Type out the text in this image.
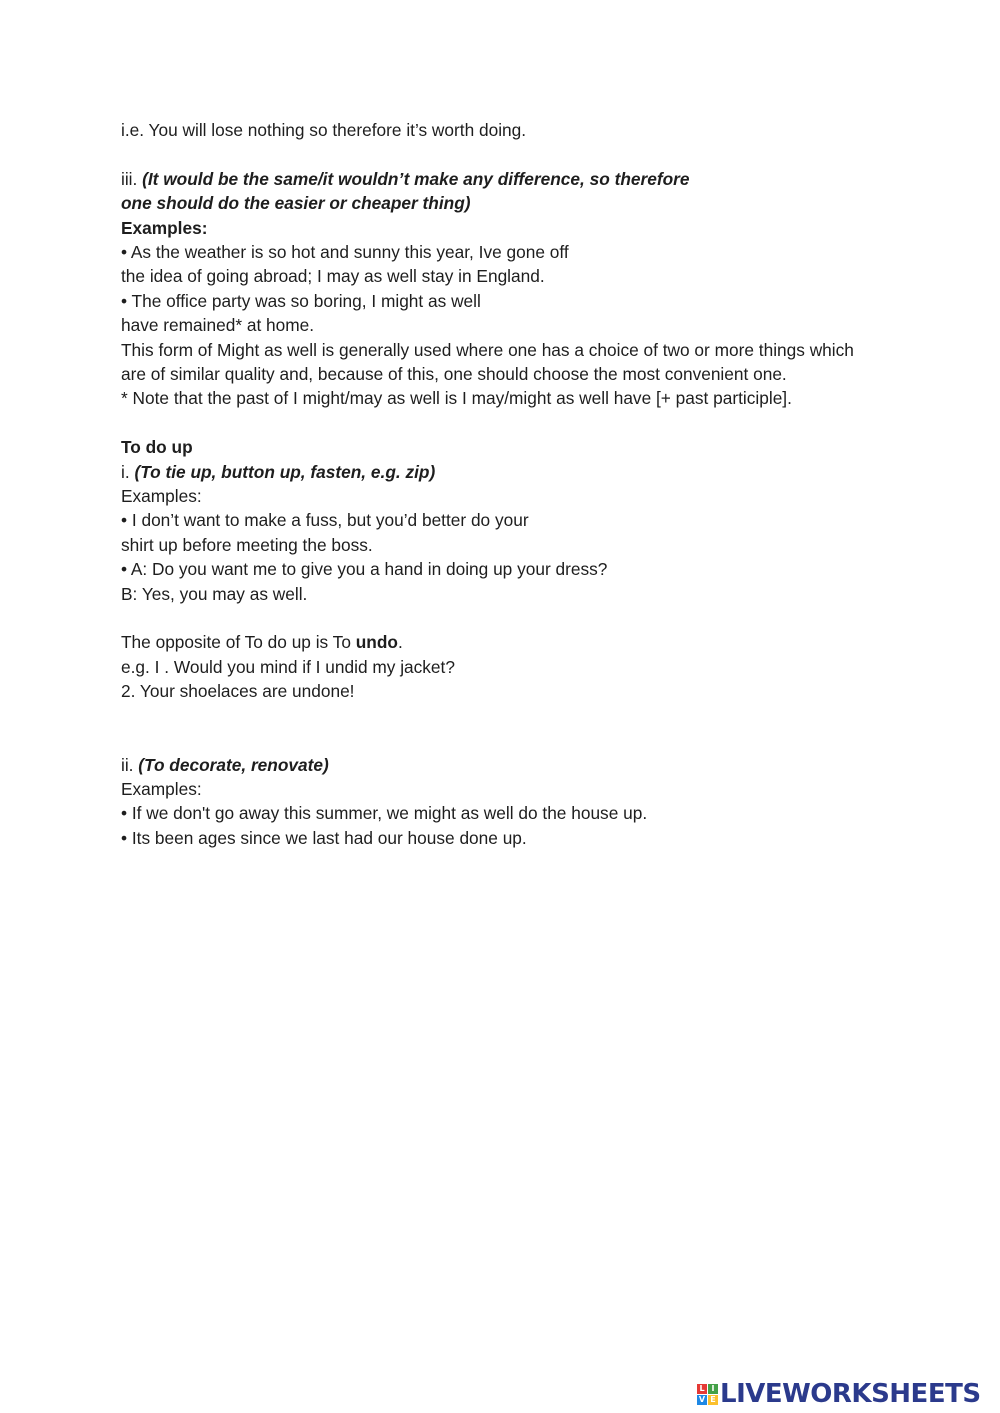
i.e. You will lose nothing so therefore it’s worth doing.
iii. (It would be the same/it wouldn’t make any difference, so therefore
one should do the easier or cheaper thing)
Examples:
• As the weather is so hot and sunny this year, Ive gone off
the idea of going abroad; I may as well stay in England.
• The office party was so boring, I might as well
have remained* at home.
This form of Might as well is generally used where one has a choice of two or more things which are of similar quality and, because of this, one should choose the most convenient one.
* Note that the past of I might/may as well is I may/might as well have [+ past participle].
To do up
i. (To tie up, button up, fasten, e.g. zip)
Examples:
• I don’t want to make a fuss, but you’d better do your
shirt up before meeting the boss.
• A: Do you want me to give you a hand in doing up your dress?
B: Yes, you may as well.
The opposite of To do up is To undo.
e.g. I . Would you mind if I undid my jacket?
2. Your shoelaces are undone!
ii. (To decorate, renovate)
Examples:
• If we don't go away this summer, we might as well do the house up.
• Its been ages since we last had our house done up.
L I
V E LIVEWORKSHEETS
